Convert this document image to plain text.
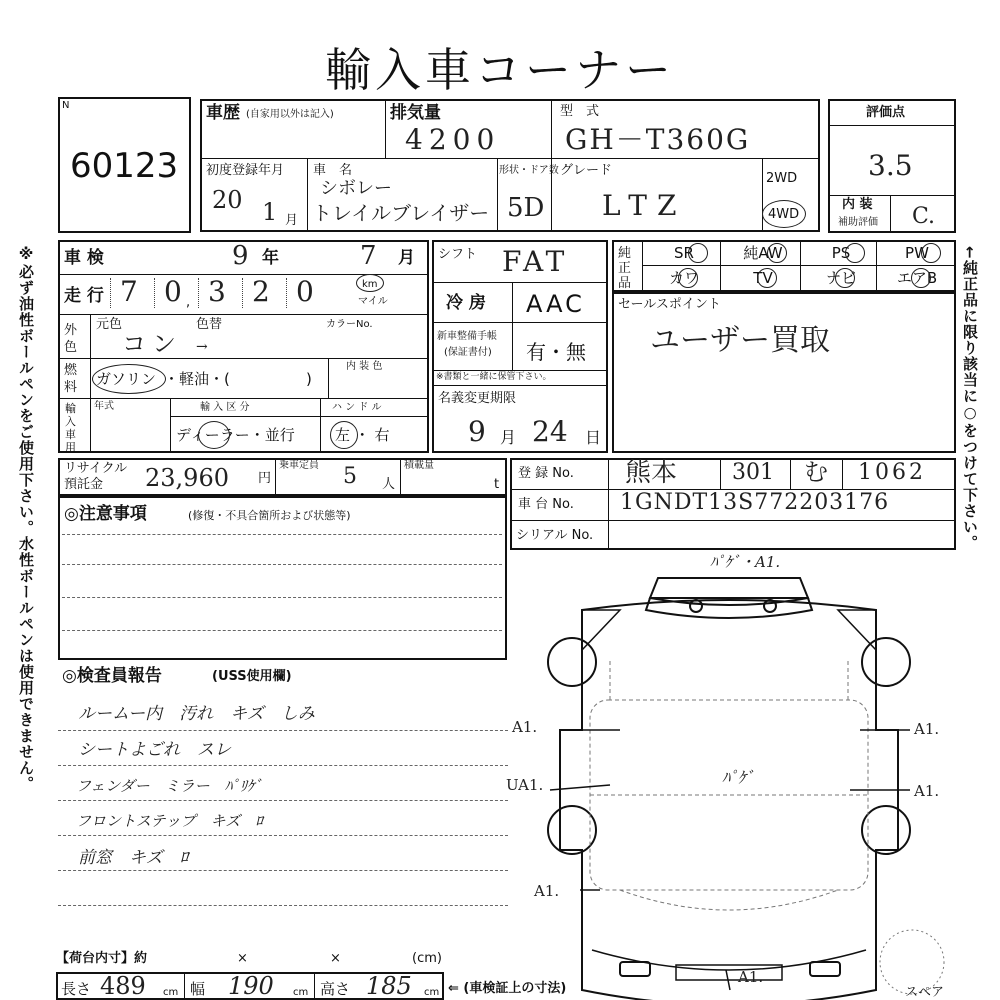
輸入車コーナー
N
60123
車歴 (自家用以外は記入)	排気量
4200
型　式
GH－T360G
初度登録年月
20 1 月
車　名
シボレー
トレイルブレイザー
形状・ドア数
5D
グレード
LTZ
2WD
4WD
評価点
3.5
内 装
補助評価 C.
※必ず油性ボールペンをご使用下さい。水性ボールペンは使用できません。	←純正品に限り該当に○をつけて下さい。
車 検	9 年	7 月
走 行 7 0 , 3 2 0	km
マイル
外色
元色	色替	カラーNo.
コン →
燃料	ガソリン ・軽油・(	)
内 装 色
輸入車用
年式	輸 入 区 分	ハ ン ド ル
ディーラー・並行	左 ・ 右
シフト FAT
冷 房 AAC
新車整備手帳
(保証書付) 有・無
※書類と一緒に保管下さい。
名義変更期限
9 月 24 日
純正品
SR	純AW	PS	PW
カワ	TV	ナビ	エアB
セールスポイント
ユーザー買取
リサイクル
預託金 23,960 円
乗車定員 5 人
積載量
t
登 録 No. 熊本 301 む 1062
車 台 No. 1GNDT13S772203176
シリアル No.
◎注意事項	(修復・不具合箇所および状態等)
◎検査員報告	(USS使用欄)
ルームー内　汚れ　キズ　しみ
シートよごれ　スレ
フェンダー　ミラー　ﾊﾟﾘｹﾞ
フロントステップ　キズ　ﾛ
前窓　キズ　ﾛ
【荷台内寸】約	×	×	(cm)
長さ 489 cm 幅 190 cm 高さ 185 cm ⇐ (車検証上の寸法)
ﾊﾟｹﾞ・A1.
ﾊﾟｹﾞ
A1.
UA1.
A1.
A1.
A1.
A1.
スペア
